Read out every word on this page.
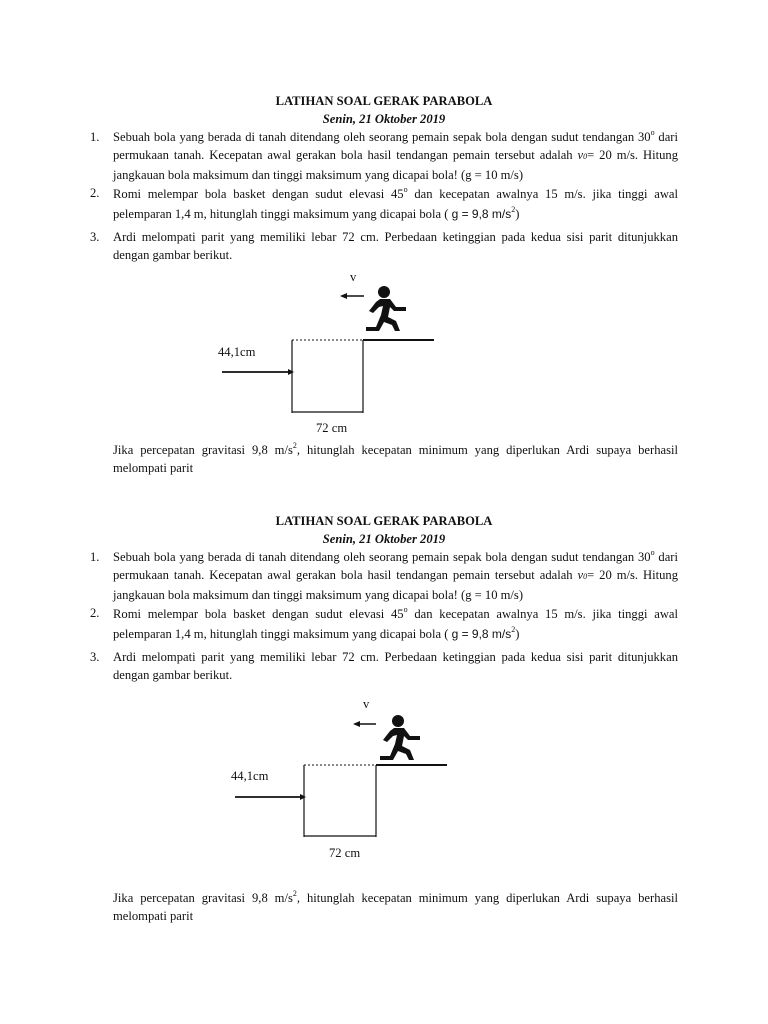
LATIHAN SOAL GERAK PARABOLA
Senin, 21 Oktober 2019
1. Sebuah bola yang berada di tanah ditendang oleh seorang pemain sepak bola dengan sudut tendangan 30$^o$ dari permukaan tanah. Kecepatan awal gerakan bola hasil tendangan pemain tersebut adalah v0= 20 m/s. Hitung jangkauan bola maksimum dan tinggi maksimum yang dicapai bola! (g = 10 m/s)
2. Romi melempar bola basket dengan sudut elevasi 45$^o$ dan kecepatan awalnya 15 m/s. jika tinggi awal pelemparan 1,4 m, hitunglah tinggi maksimum yang dicapai bola ( g = 9,8 $m/s^2$)
3. Ardi melompati parit yang memiliki lebar 72 cm. Perbedaan ketinggian pada kedua sisi parit ditunjukkan dengan gambar berikut.
v
44,1cm
72 cm
Jika percepatan gravitasi 9,8 $m/s^2$, hitunglah kecepatan minimum yang diperlukan Ardi supaya berhasil melompati parit
LATIHAN SOAL GERAK PARABOLA
Senin, 21 Oktober 2019
1. Sebuah bola yang berada di tanah ditendang oleh seorang pemain sepak bola dengan sudut tendangan 30$^o$ dari permukaan tanah. Kecepatan awal gerakan bola hasil tendangan pemain tersebut adalah v0= 20 m/s. Hitung jangkauan bola maksimum dan tinggi maksimum yang dicapai bola! (g = 10 m/s)
2. Romi melempar bola basket dengan sudut elevasi 45$^o$ dan kecepatan awalnya 15 m/s. jika tinggi awal pelemparan 1,4 m, hitunglah tinggi maksimum yang dicapai bola ( g = 9,8 $m/s^2$)
3. Ardi melompati parit yang memiliki lebar 72 cm. Perbedaan ketinggian pada kedua sisi parit ditunjukkan dengan gambar berikut.
v
44,1cm
72 cm
Jika percepatan gravitasi 9,8 $m/s^2$, hitunglah kecepatan minimum yang diperlukan Ardi supaya berhasil melompati parit
